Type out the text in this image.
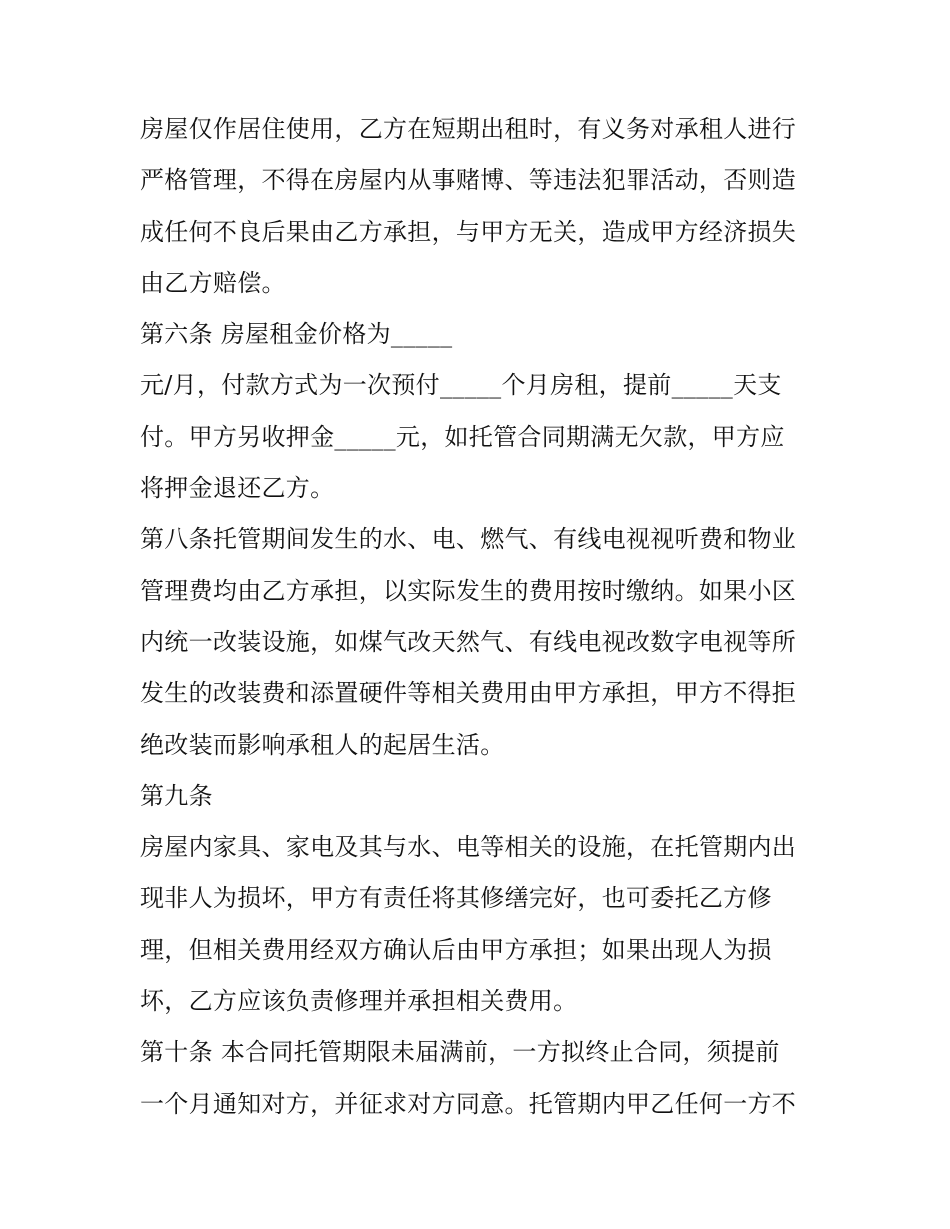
房屋仅作居住使用，乙方在短期出租时，有义务对承租人进行
严格管理，不得在房屋内从事赌博、等违法犯罪活动，否则造
成任何不良后果由乙方承担，与甲方无关，造成甲方经济损失
由乙方赔偿。
第六条 房屋租金价格为_____
元/月，付款方式为一次预付_____个月房租，提前_____天支
付。甲方另收押金_____元，如托管合同期满无欠款，甲方应
将押金退还乙方。
第八条托管期间发生的水、电、燃气、有线电视视听费和物业
管理费均由乙方承担，以实际发生的费用按时缴纳。如果小区
内统一改装设施，如煤气改天然气、有线电视改数字电视等所
发生的改装费和添置硬件等相关费用由甲方承担，甲方不得拒
绝改装而影响承租人的起居生活。
第九条
房屋内家具、家电及其与水、电等相关的设施，在托管期内出
现非人为损坏，甲方有责任将其修缮完好，也可委托乙方修
理，但相关费用经双方确认后由甲方承担；如果出现人为损
坏，乙方应该负责修理并承担相关费用。
第十条 本合同托管期限未届满前，一方拟终止合同，须提前
一个月通知对方，并征求对方同意。托管期内甲乙任何一方不
